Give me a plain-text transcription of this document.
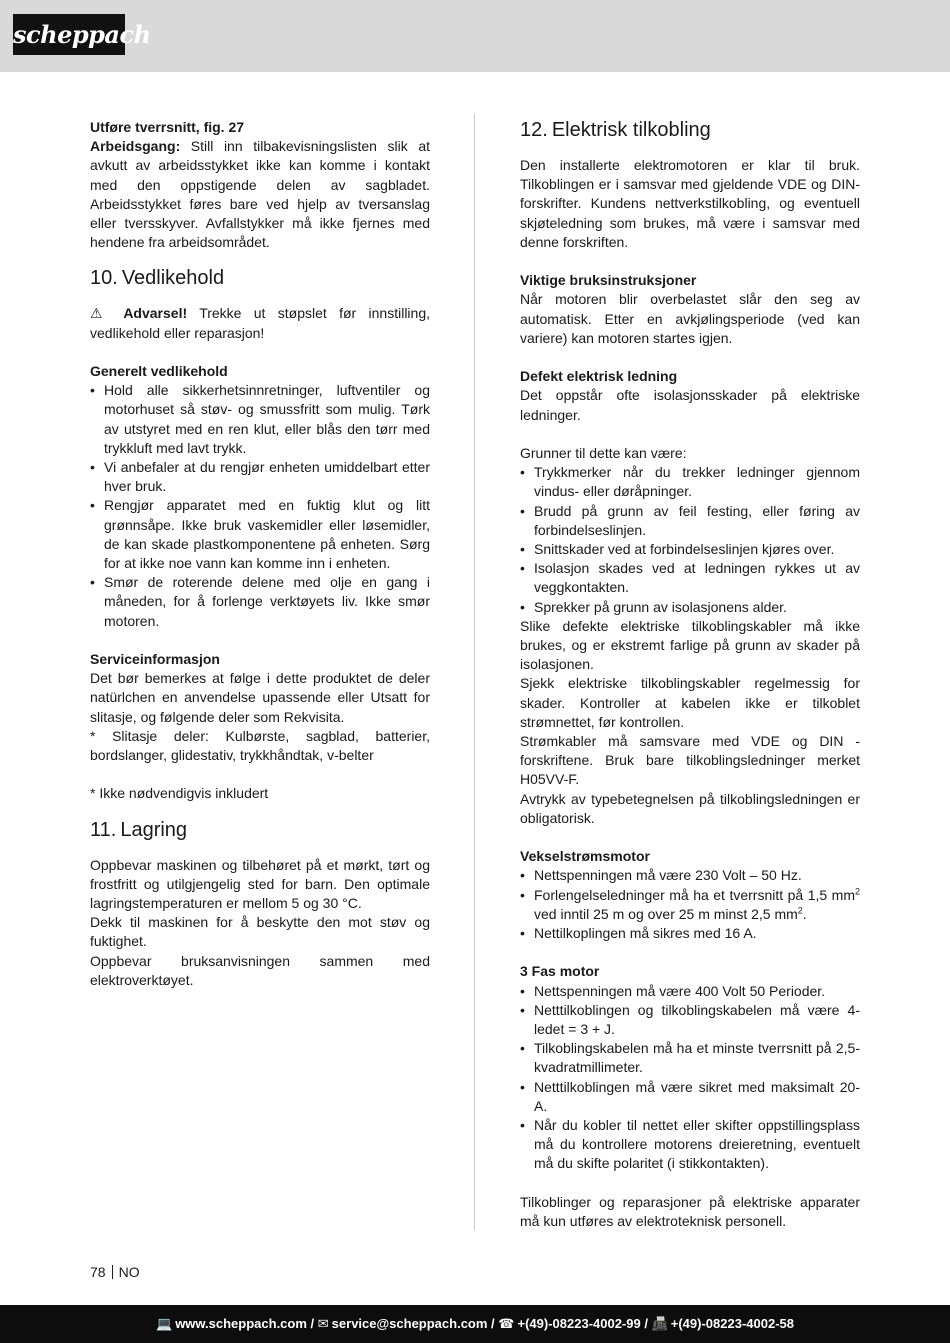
scheppach

Utføre tverrsnitt, fig. 27

Arbeidsgang: Still inn tilbakevisningslisten slik at avkutt av arbeidsstykket ikke kan komme i kontakt med den oppstigende delen av sagbladet. Arbeidsstykket føres bare ved hjelp av tversanslag eller tversskyver. Avfallstykker må ikke fjernes med hendene fra arbeidsområdet.

10. Vedlikehold

⚠ Advarsel! Trekke ut støpslet før innstilling, vedlikehold eller reparasjon!

Generelt vedlikehold

• Hold alle sikkerhetsinnretninger, luftventiler og motorhuset så støv- og smussfritt som mulig. Tørk av utstyret med en ren klut, eller blås den tørr med trykkluft med lavt trykk.
• Vi anbefaler at du rengjør enheten umiddelbart etter hver bruk.
• Rengjør apparatet med en fuktig klut og litt grønnsåpe. Ikke bruk vaskemidler eller løsemidler, de kan skade plastkomponentene på enheten. Sørg for at ikke noe vann kan komme inn i enheten.
• Smør de roterende delene med olje en gang i måneden, for å forlenge verktøyets liv. Ikke smør motoren.

Serviceinformasjon

Det bør bemerkes at følge i dette produktet de deler natürlchen en anvendelse upassende eller Utsatt for slitasje, og følgende deler som Rekvisita.

* Slitasje deler: Kulbørste, sagblad, batterier, bordslanger, glidestativ, trykkhåndtak, v-belter

* Ikke nødvendigvis inkludert

11. Lagring

Oppbevar maskinen og tilbehøret på et mørkt, tørt og frostfritt og utilgjengelig sted for barn. Den optimale lagringstemperaturen er mellom 5 og 30 °C.

Dekk til maskinen for å beskytte den mot støv og fuktighet.

Oppbevar bruksanvisningen sammen med elektroverktøyet.

12. Elektrisk tilkobling

Den installerte elektromotoren er klar til bruk. Tilkoblingen er i samsvar med gjeldende VDE og DIN-forskrifter. Kundens nettverkstilkobling, og eventuell skjøteledning som brukes, må være i samsvar med denne forskriften.

Viktige bruksinstruksjoner

Når motoren blir overbelastet slår den seg av automatisk. Etter en avkjølingsperiode (ved kan variere) kan motoren startes igjen.

Defekt elektrisk ledning

Det oppstår ofte isolasjonsskader på elektriske ledninger.

Grunner til dette kan være:

• Trykkmerker når du trekker ledninger gjennom vindus- eller døråpninger.
• Brudd på grunn av feil festing, eller føring av forbindelseslinjen.
• Snittskader ved at forbindelseslinjen kjøres over.
• Isolasjon skades ved at ledningen rykkes ut av veggkontakten.
• Sprekker på grunn av isolasjonens alder.

Slike defekte elektriske tilkoblingskabler må ikke brukes, og er ekstremt farlige på grunn av skader på isolasjonen.

Sjekk elektriske tilkoblingskabler regelmessig for skader. Kontroller at kabelen ikke er tilkoblet strømnettet, før kontrollen.

Strømkabler må samsvare med VDE og DIN -forskriftene. Bruk bare tilkoblingsledninger merket H05VV-F.

Avtrykk av typebetegnelsen på tilkoblingsledningen er obligatorisk.

Vekselstrømsmotor

• Nettspenningen må være 230 Volt – 50 Hz.
• Forlengelseledninger må ha et tverrsnitt på 1,5 $mm^2$ ved inntil 25 m og over 25 m minst 2,5 $mm^2$.
• Nettilkoplingen må sikres med 16 A.

3 Fas motor

• Nettspenningen må være 400 Volt 50 Perioder.
• Netttilkoblingen og tilkoblingskabelen må være 4-ledet = 3 + J.
• Tilkoblingskabelen må ha et minste tverrsnitt på 2,5-kvadratmillimeter.
• Netttilkoblingen må være sikret med maksimalt 20-A.
• Når du kobler til nettet eller skifter oppstillingsplass må du kontrollere motorens dreieretning, eventuelt må du skifte polaritet (i stikkontakten).

Tilkoblinger og reparasjoner på elektriske apparater må kun utføres av elektroteknisk personell.

78 NO
💻 www.scheppach.com / ✉ service@scheppach.com / ☎ +(49)-08223-4002-99 / 📠 +(49)-08223-4002-58
